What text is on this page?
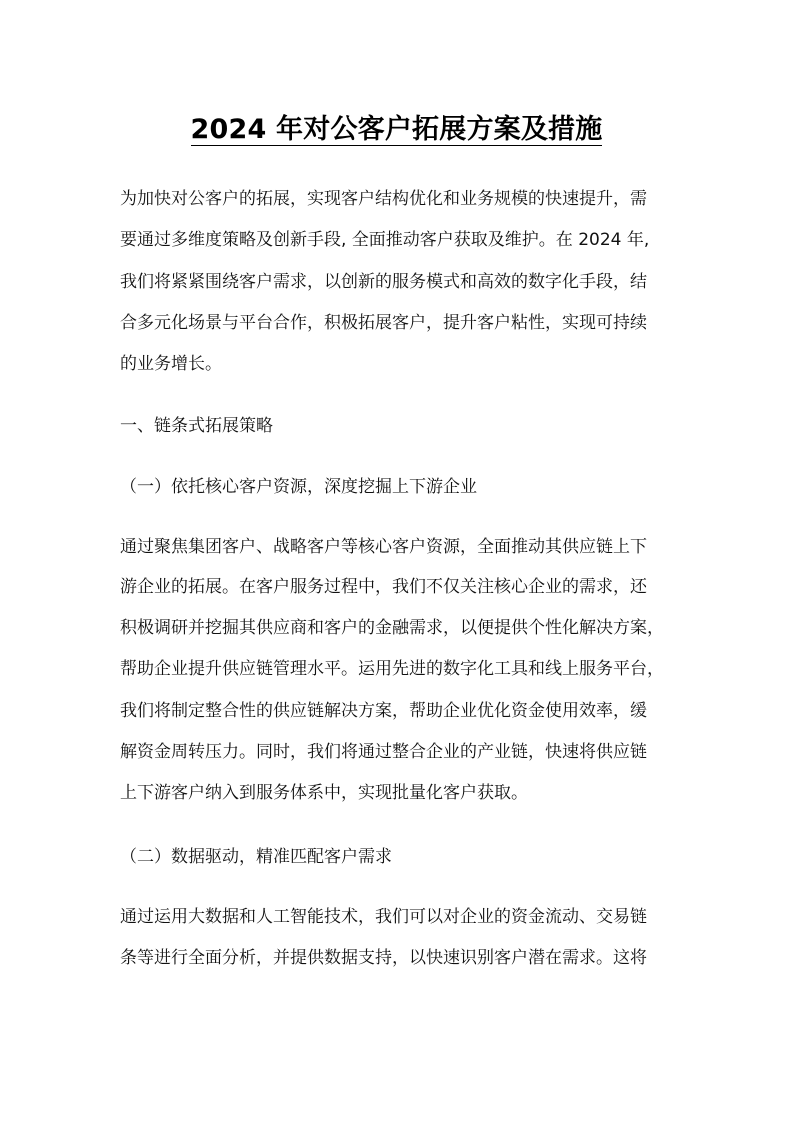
2024 年对公客户拓展方案及措施
为加快对公客户的拓展，实现客户结构优化和业务规模的快速提升，需
要通过多维度策略及创新手段, 全面推动客户获取及维护。在 2024 年,
我们将紧紧围绕客户需求，以创新的服务模式和高效的数字化手段，结
合多元化场景与平台合作，积极拓展客户，提升客户粘性，实现可持续
的业务增长。
一、链条式拓展策略
（一）依托核心客户资源，深度挖掘上下游企业
通过聚焦集团客户、战略客户等核心客户资源，全面推动其供应链上下
游企业的拓展。在客户服务过程中，我们不仅关注核心企业的需求，还
积极调研并挖掘其供应商和客户的金融需求，以便提供个性化解决方案，
帮助企业提升供应链管理水平。运用先进的数字化工具和线上服务平台，
我们将制定整合性的供应链解决方案，帮助企业优化资金使用效率，缓
解资金周转压力。同时，我们将通过整合企业的产业链，快速将供应链
上下游客户纳入到服务体系中，实现批量化客户获取。
（二）数据驱动，精准匹配客户需求
通过运用大数据和人工智能技术，我们可以对企业的资金流动、交易链
条等进行全面分析，并提供数据支持，以快速识别客户潜在需求。这将
